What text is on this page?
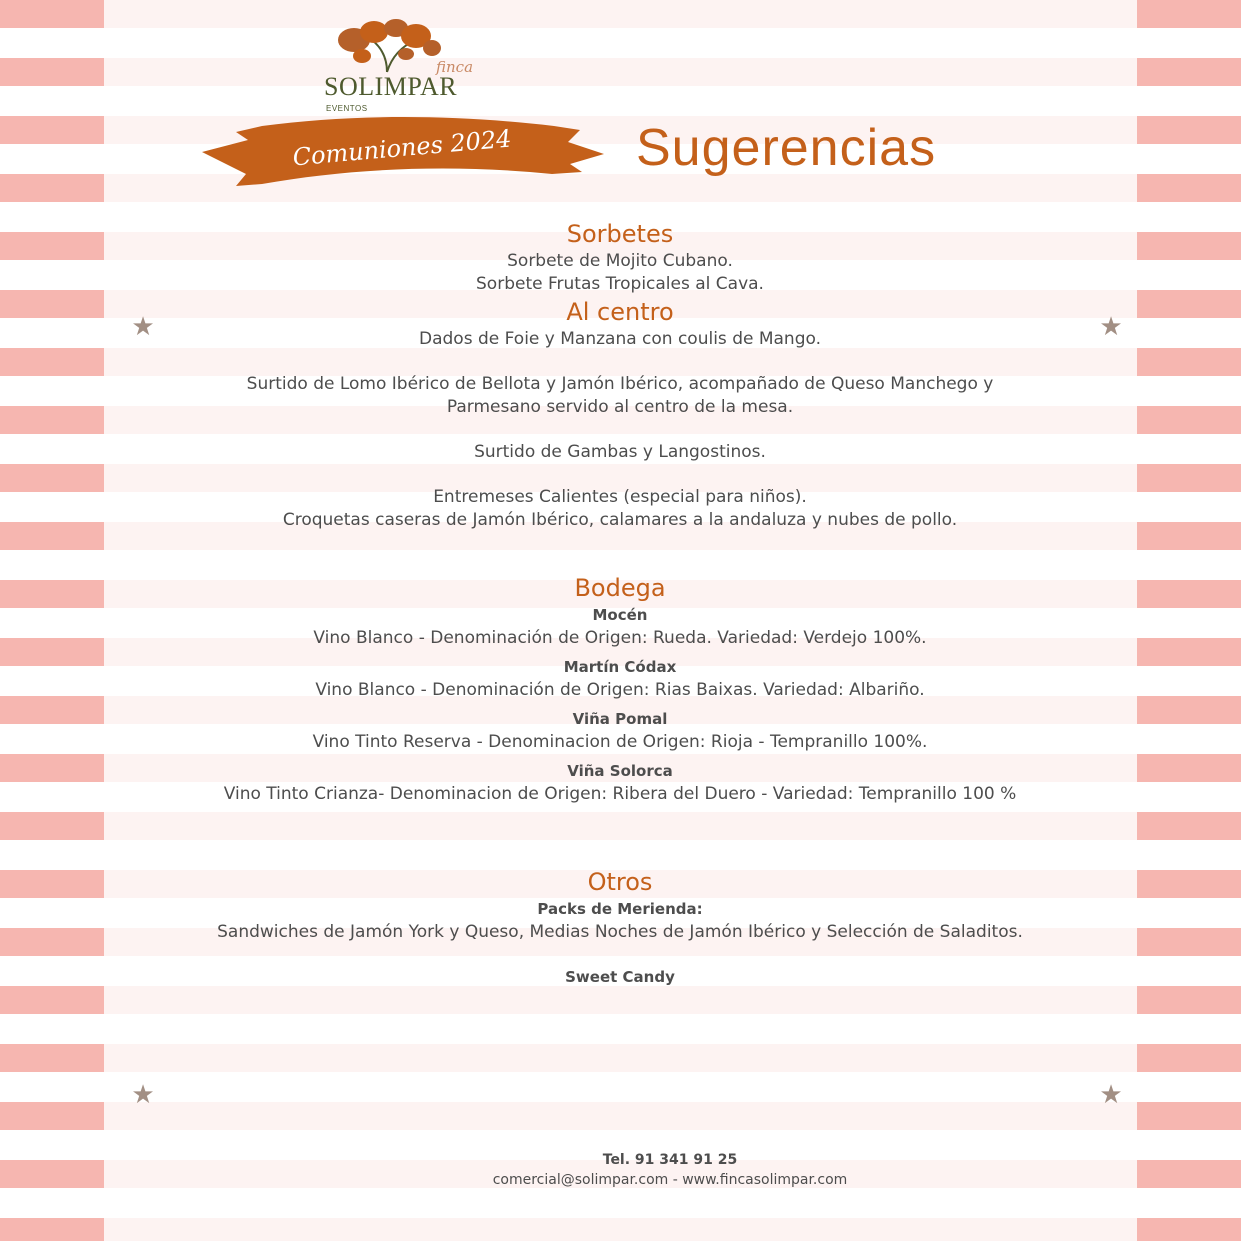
★	★
★	★
finca
SOLIMPAR
EVENTOS
Comuniones 2024	Sugerencias
Sorbetes
Sorbete de Mojito Cubano.
Sorbete Frutas Tropicales al Cava.
Al centro
Dados de Foie y Manzana con coulis de Mango.
Surtido de Lomo Ibérico de Bellota y Jamón Ibérico, acompañado de Queso Manchego y
Parmesano servido al centro de la mesa.
Surtido de Gambas y Langostinos.
Entremeses Calientes (especial para niños).
Croquetas caseras de Jamón Ibérico, calamares a la andaluza y nubes de pollo.
Bodega
Mocén
Vino Blanco - Denominación de Origen: Rueda. Variedad: Verdejo 100%.
Martín Códax
Vino Blanco - Denominación de Origen: Rias Baixas. Variedad: Albariño.
Viña Pomal
Vino Tinto Reserva - Denominacion de Origen: Rioja - Tempranillo 100%.
Viña Solorca
Vino Tinto Crianza- Denominacion de Origen: Ribera del Duero - Variedad: Tempranillo 100 %
Otros
Packs de Merienda:
Sandwiches de Jamón York y Queso, Medias Noches de Jamón Ibérico y Selección de Saladitos.
Sweet Candy
Tel. 91 341 91 25
comercial@solimpar.com - www.fincasolimpar.com
